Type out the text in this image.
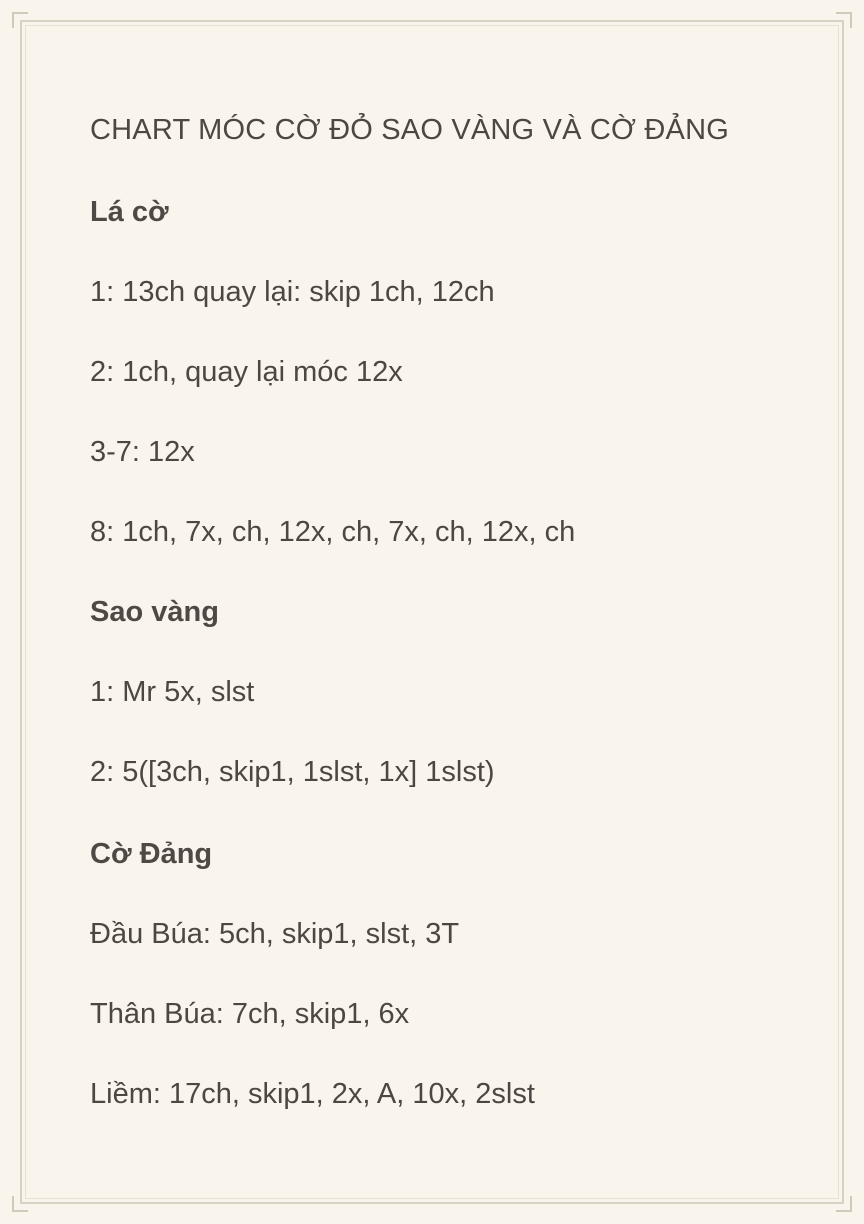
CHART MÓC CỜ ĐỎ SAO VÀNG VÀ CỜ ĐẢNG
Lá cờ
1: 13ch quay lại: skip 1ch, 12ch
2: 1ch, quay lại móc 12x
3-7: 12x
8: 1ch, 7x, ch, 12x, ch, 7x, ch, 12x, ch
Sao vàng
1: Mr 5x, slst
2: 5([3ch, skip1, 1slst, 1x] 1slst)
Cờ Đảng
Đầu Búa: 5ch, skip1, slst, 3T
Thân Búa: 7ch, skip1, 6x
Liềm: 17ch, skip1, 2x, A, 10x, 2slst
